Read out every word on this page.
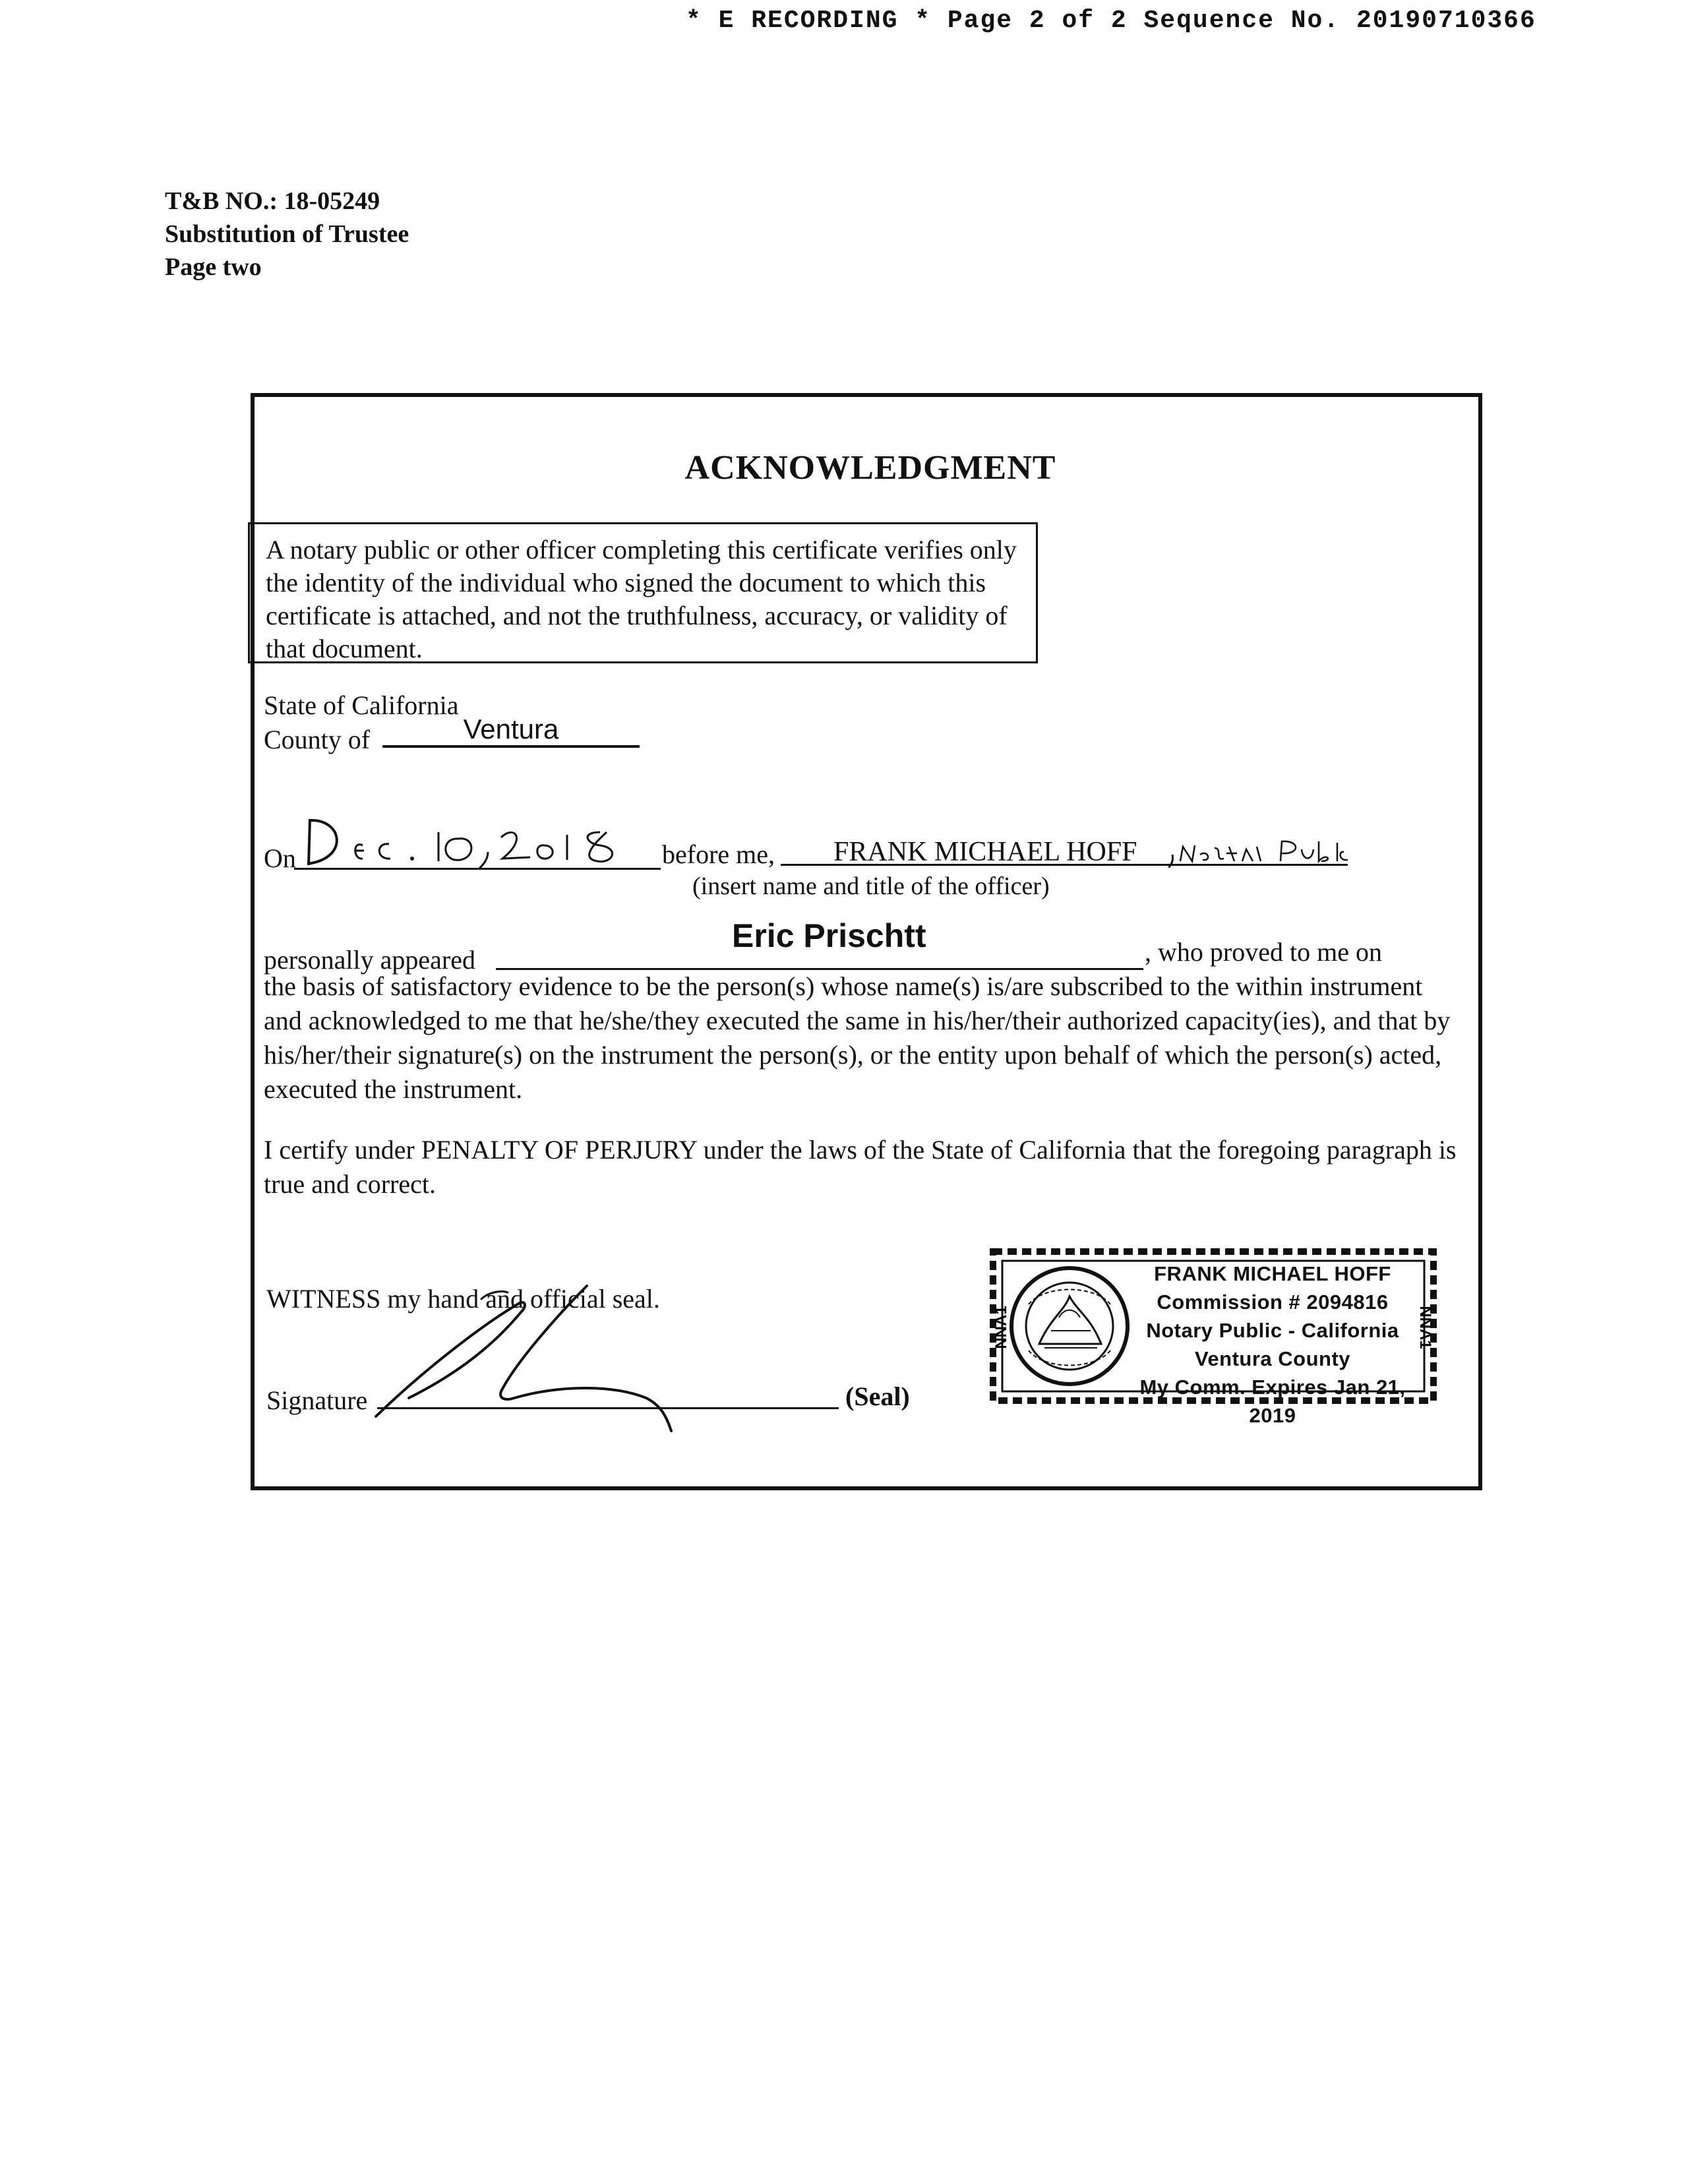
* E RECORDING * Page 2 of 2 Sequence No. 20190710366
T&B NO.: 18-05249
Substitution of Trustee
Page two
ACKNOWLEDGMENT
A notary public or other officer completing this certificate verifies only the identity of the individual who signed the document to which this certificate is attached, and not the truthfulness, accuracy, or validity of that document.
State of California
County of	Ventura
On	before me, FRANK MICHAEL HOFF
(insert name and title of the officer)
personally appeared
Eric Prischtt	, who proved to me on
the basis of satisfactory evidence to be the person(s) whose name(s) is/are subscribed to the within instrument and acknowledged to me that he/she/they executed the same in his/her/their authorized capacity(ies), and that by his/her/their signature(s) on the instrument the person(s), or the entity upon behalf of which the person(s) acted, executed the instrument.
I certify under PENALTY OF PERJURY under the laws of the State of California that the foregoing paragraph is true and correct.
WITNESS my hand and official seal.
Signature	(Seal)
NNA1	NNA1
FRANK MICHAEL HOFF
Commission # 2094816
Notary Public - California
Ventura County
My Comm. Expires Jan 21, 2019
